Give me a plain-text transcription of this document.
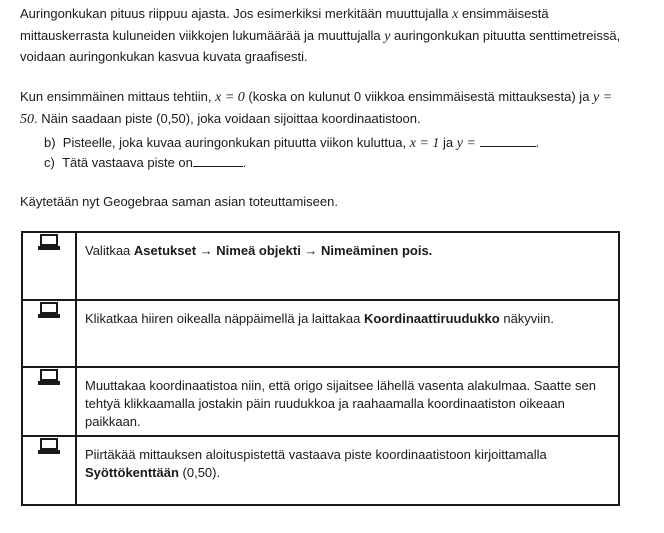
Auringonkukan pituus riippuu ajasta. Jos esimerkiksi merkitään muuttujalla x ensimmäisestä mittauskerrasta kuluneiden viikkojen lukumäärää ja muuttujalla y auringonkukan pituutta senttimetreissä, voidaan auringonkukan kasvua kuvata graafisesti.

Kun ensimmäinen mittaus tehtiin, x = 0 (koska on kulunut 0 viikkoa ensimmäisestä mittauksesta) ja y = 50. Näin saadaan piste (0,50), joka voidaan sijoittaa koordinaatistoon.

b) Pisteelle, joka kuvaa auringonkukan pituutta viikon kuluttua, x = 1 ja y =	.
c) Tätä vastaava piste on	.

Käytetään nyt Geogebraa saman asian toteuttamiseen.

	Valitkaa Asetukset → Nimeä objekti → Nimeäminen pois.
	Klikatkaa hiiren oikealla näppäimellä ja laittakaa Koordinaattiruudukko näkyviin.
	Muuttakaa koordinaatistoa niin, että origo sijaitsee lähellä vasenta alakulmaa. Saatte sen tehtyä klikkaamalla jostakin päin ruudukkoa ja raahaamalla koordinaatiston oikeaan paikkaan.
	Piirtäkää mittauksen aloituspistettä vastaava piste koordinaatistoon kirjoittamalla Syöttökenttään (0,50).
